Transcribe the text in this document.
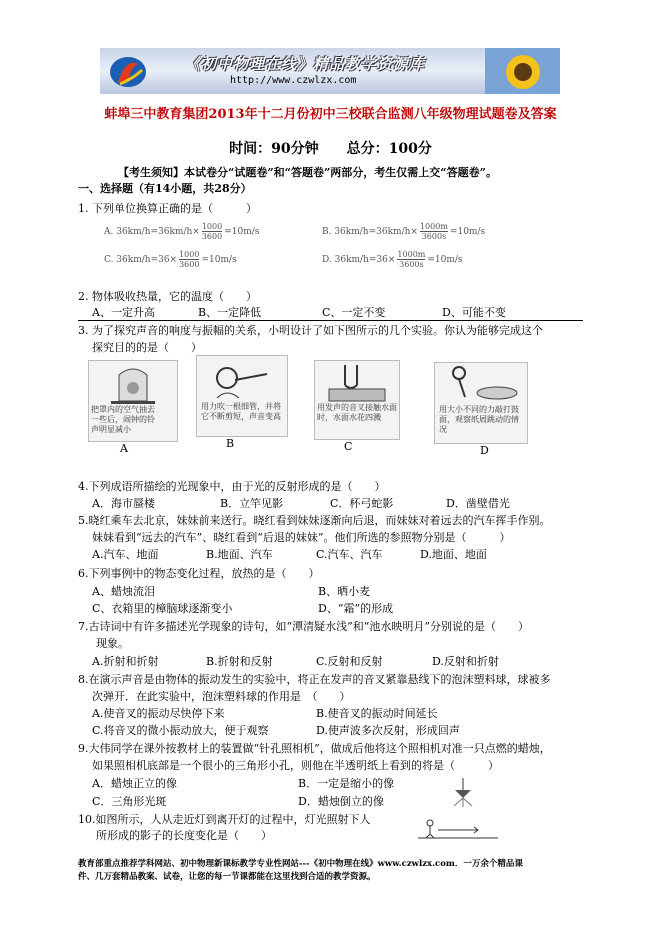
《初中物理在线》精品教学资源库
http://www.czwlzx.com
蚌埠三中教育集团2013年十二月份初中三校联合监测八年级物理试题卷及答案
时间：90分钟　　总分：100分
【考生须知】本试卷分“试题卷”和“答题卷”两部分，考生仅需上交“答题卷”。
一、选择题（有14小题，共28分）
1. 下列单位换算正确的是（　　　）
A. $36km/h=36km/h\times \frac{1000}{3600} =10m/s$	B. $36km/h=36km/h\times \frac{1000m}{3600s} =10m/s$
C. $36km/h=36\times \frac{1000}{3600} =10m/s$	D. $36km/h=36\times \frac{1000m}{3600s} =10m/s$
2. 物体吸收热量，它的温度（　　）
A、一定升高	B、一定降低	C、一定不变	D、可能不变
3. 为了探究声音的响度与振幅的关系，小明设计了如下图所示的几个实验。你认为能够完成这个
探究目的的是（　　）
把罩内的空气抽去一些后，闹钟的铃声明显减小
A
用力吹一根细管，并将它不断剪短，声音变高
B
用发声的音叉接触水面时，水面水花四溅
C
用大小不同的力敲打鼓面，观察纸屑跳动的情况
D
4.下列成语所描绘的光现象中，由于光的反射形成的是（　　）
A．海市蜃楼	B．立竿见影	C．杯弓蛇影	D．凿壁借光
5.晓红乘车去北京，妹妹前来送行。晓红看到妹妹逐渐向后退，而妹妹对着远去的汽车挥手作别。
妹妹看到“远去的汽车”、晓红看到“后退的妹妹”。他们所选的参照物分别是（　　　）
A.汽车、地面	B.地面、汽车	C.汽车、汽车	D.地面、地面
6.下列事例中的物态变化过程，放热的是（　　）
A、蜡烛流泪	B、晒小麦
C、衣箱里的樟脑球逐渐变小	D、“霜”的形成
7.古诗词中有许多描述光学现象的诗句，如“潭清疑水浅”和“池水映明月”分别说的是（　　）
现象。
A.折射和折射	B.折射和反射	C.反射和反射	D.反射和折射
8.在演示声音是由物体的振动发生的实验中，将正在发声的音叉紧靠悬线下的泡沫塑料球，球被多
次弹开．在此实验中，泡沫塑料球的作用是　（　　）
A.使音叉的振动尽快停下来	B.使音叉的振动时间延长
C.将音叉的微小振动放大，便于观察	D.使声波多次反射，形成回声
9.大伟同学在课外按教材上的装置做“针孔照相机”，做成后他将这个照相机对准一只点燃的蜡烛，
如果照相机底部是一个很小的三角形小孔，则他在半透明纸上看到的将是（　　　）
A．蜡烛正立的像	B．一定是缩小的像
C．三角形光斑	D．蜡烛倒立的像
10.如图所示，人从走近灯到离开灯的过程中，灯光照射下人
所形成的影子的长度变化是（　　）
教育部重点推荐学科网站、初中物理新课标教学专业性网站---《初中物理在线》www.czwlzx.com．一万余个精品课
件、几万套精品教案、试卷，让您的每一节课都能在这里找到合适的教学资源。
